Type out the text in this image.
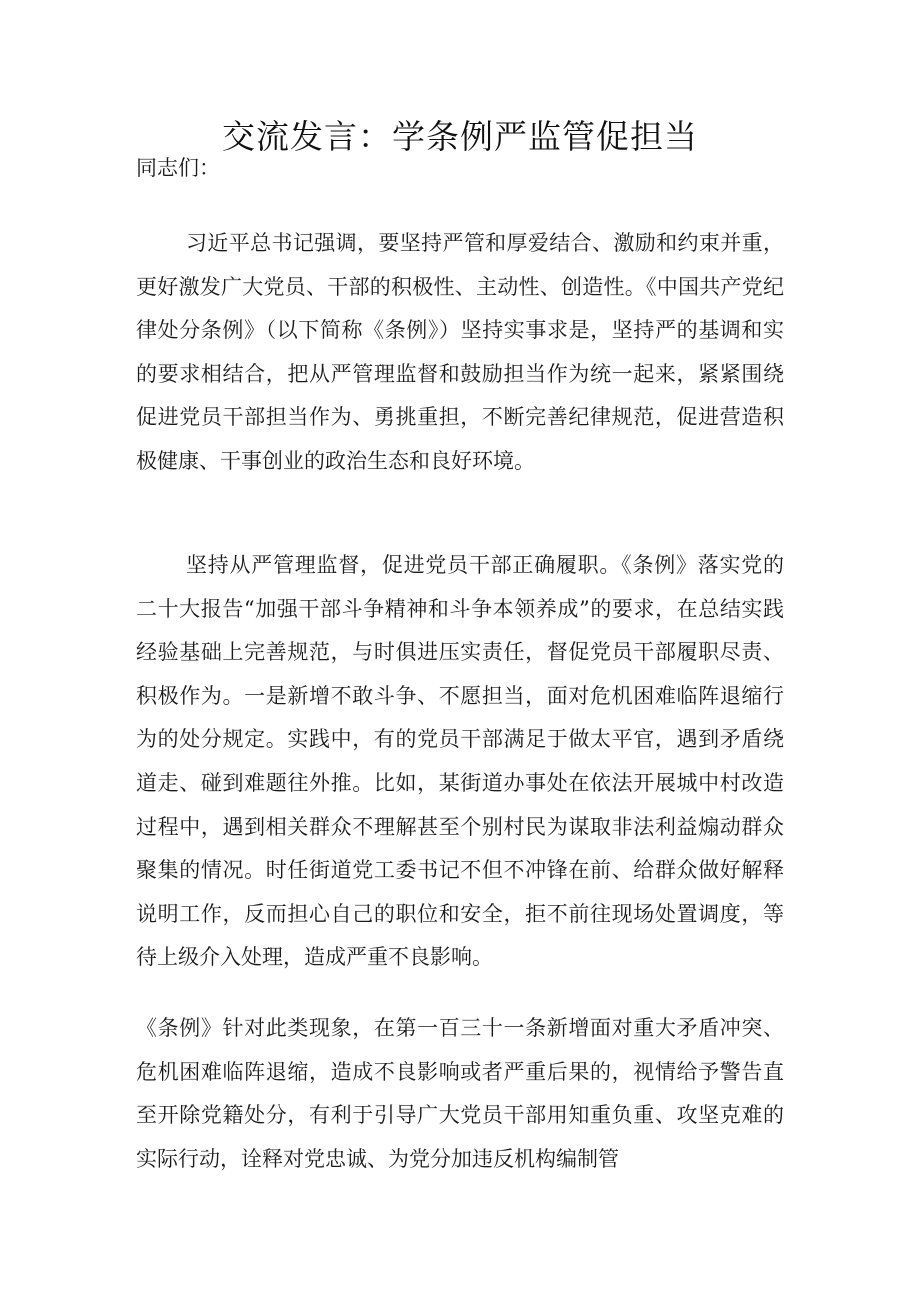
交流发言：学条例严监管促担当

同志们：

习近平总书记强调，要坚持严管和厚爱结合、激励和约束并重，更好激发广大党员、干部的积极性、主动性、创造性。《中国共产党纪律处分条例》（以下简称《条例》）坚持实事求是，坚持严的基调和实的要求相结合，把从严管理监督和鼓励担当作为统一起来，紧紧围绕促进党员干部担当作为、勇挑重担，不断完善纪律规范，促进营造积极健康、干事创业的政治生态和良好环境。

坚持从严管理监督，促进党员干部正确履职。《条例》落实党的二十大报告“加强干部斗争精神和斗争本领养成”的要求，在总结实践经验基础上完善规范，与时俱进压实责任，督促党员干部履职尽责、积极作为。一是新增不敢斗争、不愿担当，面对危机困难临阵退缩行为的处分规定。实践中，有的党员干部满足于做太平官，遇到矛盾绕道走、碰到难题往外推。比如，某街道办事处在依法开展城中村改造过程中，遇到相关群众不理解甚至个别村民为谋取非法利益煽动群众聚集的情况。时任街道党工委书记不但不冲锋在前、给群众做好解释说明工作，反而担心自己的职位和安全，拒不前往现场处置调度，等待上级介入处理，造成严重不良影响。

《条例》针对此类现象，在第一百三十一条新增面对重大矛盾冲突、危机困难临阵退缩，造成不良影响或者严重后果的，视情给予警告直至开除党籍处分，有利于引导广大党员干部用知重负重、攻坚克难的实际行动，诠释对党忠诚、为党分加违反机构编制管
